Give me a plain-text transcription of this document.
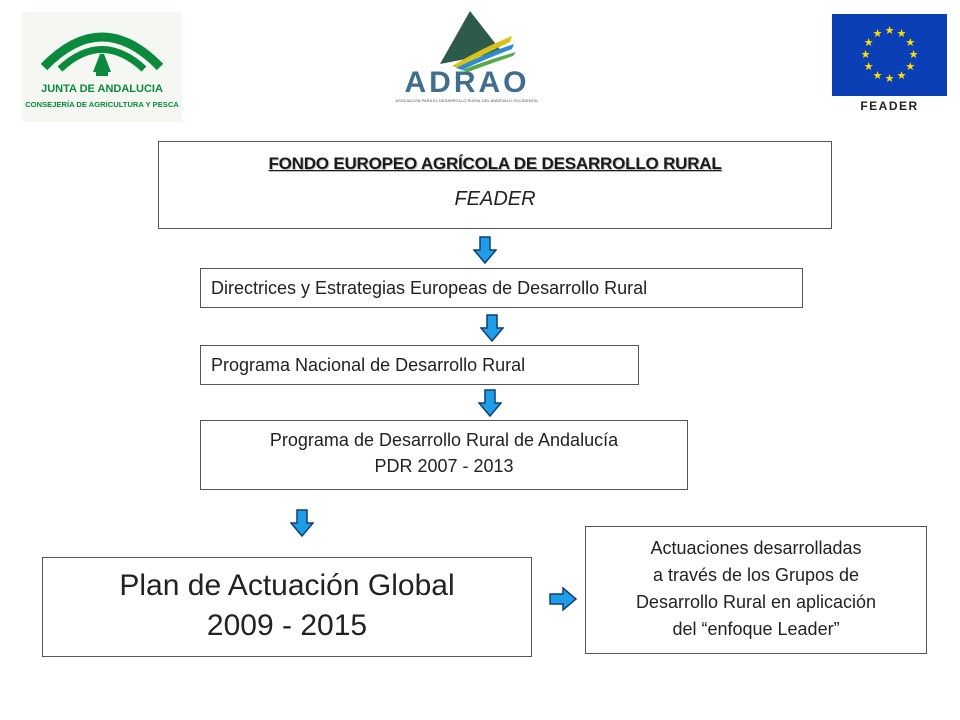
JUNTA DE ANDALUCIA
CONSEJERÍA DE AGRICULTURA Y PESCA
ADRAO
ASOCIACIÓN PARA EL DESARROLLO RURAL DEL ANDÉVALO OCCIDENTAL
★ ★
★
★
★
★
★
★
★
★
★
★
FEADER
FONDO EUROPEO AGRÍCOLA DE DESARROLLO RURAL
FEADER
Directrices y Estrategias Europeas de Desarrollo Rural
Programa Nacional de Desarrollo Rural
Programa de Desarrollo Rural de Andalucía
PDR 2007 - 2013
Plan de Actuación Global
2009 - 2015
Actuaciones desarrolladas
a través de los Grupos de
Desarrollo Rural en aplicación
del “enfoque Leader”
